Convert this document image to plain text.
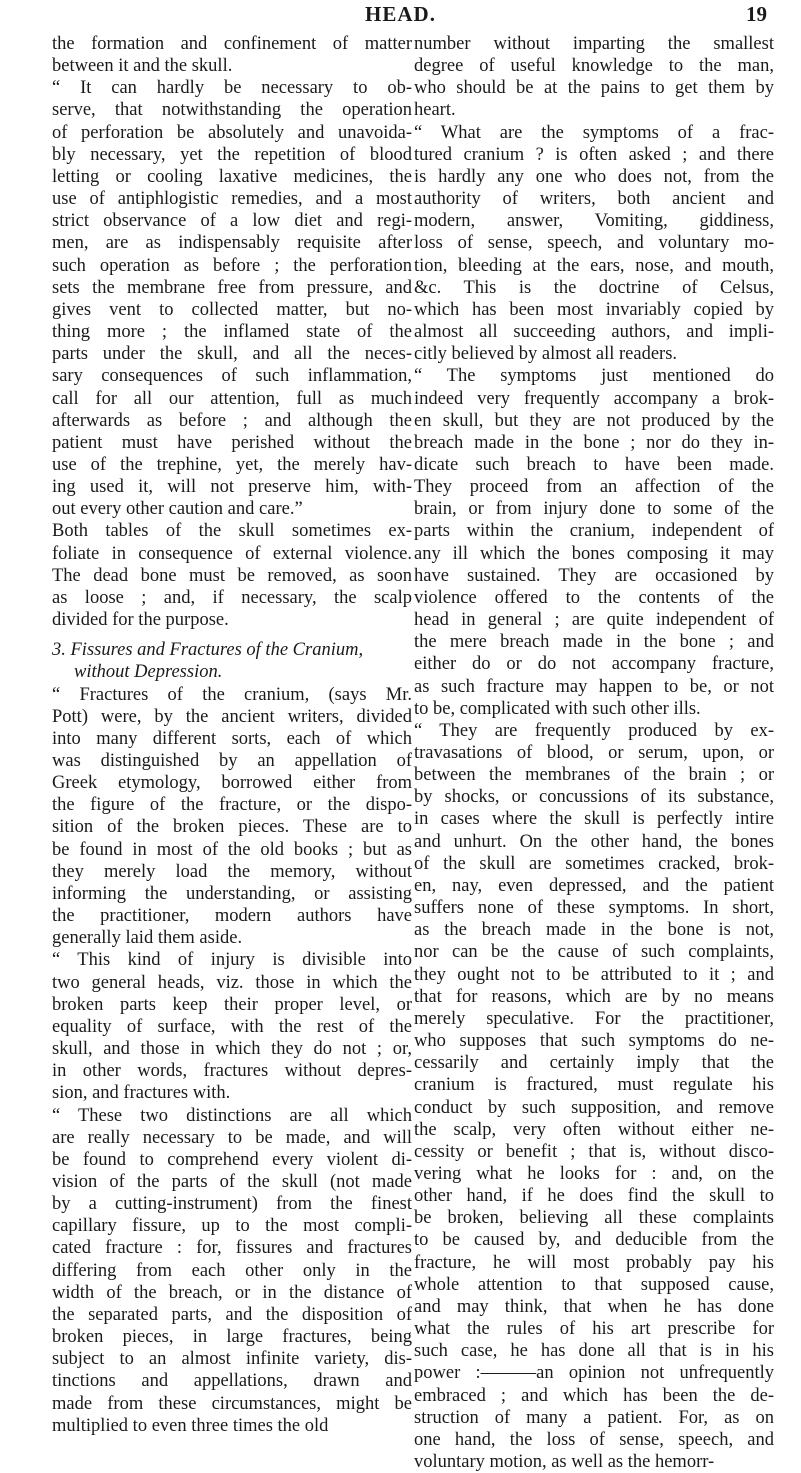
HEAD.	19

the formation and confinement of matter
between it and the skull.

“ It can hardly be necessary to ob-
serve, that notwithstanding the operation
of perforation be absolutely and unavoida-
bly necessary, yet the repetition of blood
letting or cooling laxative medicines, the
use of antiphlogistic remedies, and a most
strict observance of a low diet and regi-
men, are as indispensably requisite after
such operation as before ; the perforation
sets the membrane free from pressure, and
gives vent to collected matter, but no-
thing more ; the inflamed state of the
parts under the skull, and all the neces-
sary consequences of such inflammation,
call for all our attention, full as much
afterwards as before ; and although the
patient must have perished without the
use of the trephine, yet, the merely hav-
ing used it, will not preserve him, with-
out every other caution and care.”

Both tables of the skull sometimes ex-
foliate in consequence of external violence.
The dead bone must be removed, as soon
as loose ; and, if necessary, the scalp
divided for the purpose.

3. Fissures and Fractures of the Cranium,
without Depression.

“ Fractures of the cranium, (says Mr.
Pott) were, by the ancient writers, divided
into many different sorts, each of which
was distinguished by an appellation of
Greek etymology, borrowed either from
the figure of the fracture, or the dispo-
sition of the broken pieces. These are to
be found in most of the old books ; but as
they merely load the memory, without
informing the understanding, or assisting
the practitioner, modern authors have
generally laid them aside.

“ This kind of injury is divisible into
two general heads, viz. those in which the
broken parts keep their proper level, or
equality of surface, with the rest of the
skull, and those in which they do not ; or,
in other words, fractures without depres-
sion, and fractures with.

“ These two distinctions are all which
are really necessary to be made, and will
be found to comprehend every violent di-
vision of the parts of the skull (not made
by a cutting-instrument) from the finest
capillary fissure, up to the most compli-
cated fracture : for, fissures and fractures
differing from each other only in the
width of the breach, or in the distance of
the separated parts, and the disposition of
broken pieces, in large fractures, being
subject to an almost infinite variety, dis-
tinctions and appellations, drawn and
made from these circumstances, might be
multiplied to even three times the old

number without imparting the smallest
degree of useful knowledge to the man,
who should be at the pains to get them by
heart.

“ What are the symptoms of a frac-
tured cranium ? is often asked ; and there
is hardly any one who does not, from the
authority of writers, both ancient and
modern, answer, Vomiting, giddiness,
loss of sense, speech, and voluntary mo-
tion, bleeding at the ears, nose, and mouth,
&c. This is the doctrine of Celsus,
which has been most invariably copied by
almost all succeeding authors, and impli-
citly believed by almost all readers.

“ The symptoms just mentioned do
indeed very frequently accompany a brok-
en skull, but they are not produced by the
breach made in the bone ; nor do they in-
dicate such breach to have been made.
They proceed from an affection of the
brain, or from injury done to some of the
parts within the cranium, independent of
any ill which the bones composing it may
have sustained. They are occasioned by
violence offered to the contents of the
head in general ; are quite independent of
the mere breach made in the bone ; and
either do or do not accompany fracture,
as such fracture may happen to be, or not
to be, complicated with such other ills.

“ They are frequently produced by ex-
travasations of blood, or serum, upon, or
between the membranes of the brain ; or
by shocks, or concussions of its substance,
in cases where the skull is perfectly intire
and unhurt. On the other hand, the bones
of the skull are sometimes cracked, brok-
en, nay, even depressed, and the patient
suffers none of these symptoms. In short,
as the breach made in the bone is not,
nor can be the cause of such complaints,
they ought not to be attributed to it ; and
that for reasons, which are by no means
merely speculative. For the practitioner,
who supposes that such symptoms do ne-
cessarily and certainly imply that the
cranium is fractured, must regulate his
conduct by such supposition, and remove
the scalp, very often without either ne-
cessity or benefit ; that is, without disco-
vering what he looks for : and, on the
other hand, if he does find the skull to
be broken, believing all these complaints
to be caused by, and deducible from the
fracture, he will most probably pay his
whole attention to that supposed cause,
and may think, that when he has done
what the rules of his art prescribe for
such case, he has done all that is in his
power :———an opinion not unfrequently
embraced ; and which has been the de-
struction of many a patient. For, as on
one hand, the loss of sense, speech, and
voluntary motion, as well as the hemorr-
